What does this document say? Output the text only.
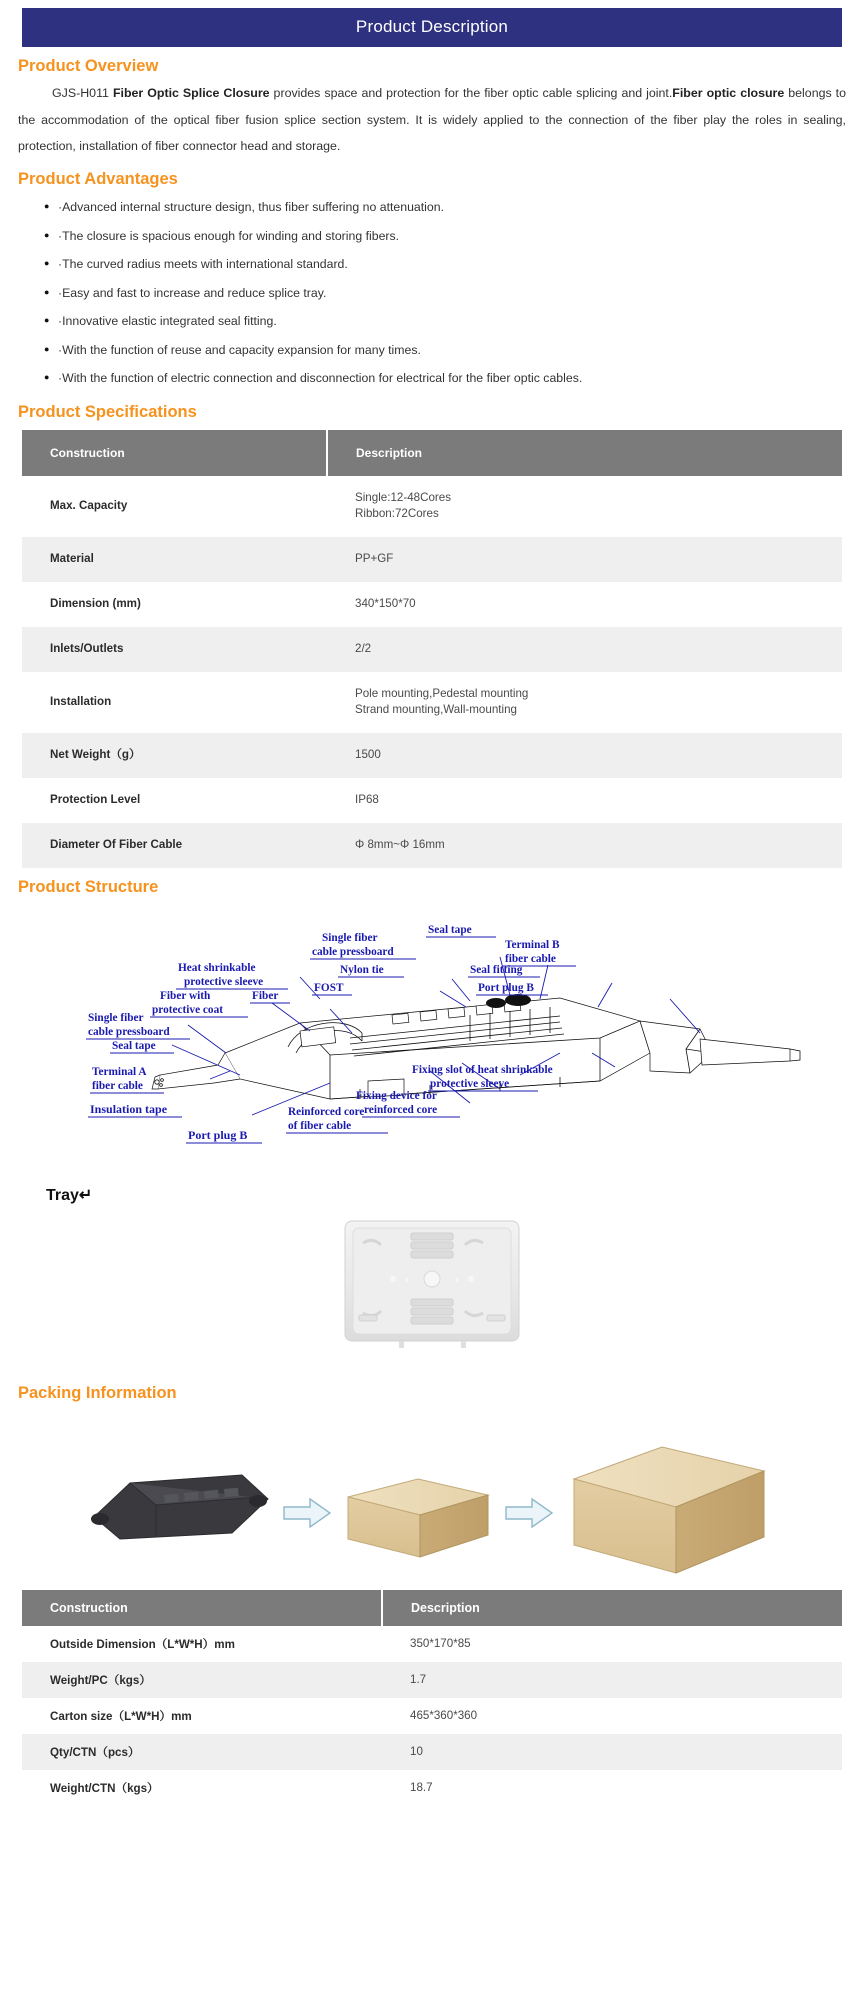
Product Description
Product Overview
GJS-H011 Fiber Optic Splice Closure provides space and protection for the fiber optic cable splicing and joint.Fiber optic closure belongs to the accommodation of the optical fiber fusion splice section system. It is widely applied to the connection of the fiber play the roles in sealing, protection, installation of fiber connector head and storage.
Product Advantages
● ·Advanced internal structure design, thus fiber suffering no attenuation.
● ·The closure is spacious enough for winding and storing fibers.
● ·The curved radius meets with international standard.
● ·Easy and fast to increase and reduce splice tray.
● ·Innovative elastic integrated seal fitting.
● ·With the function of reuse and capacity expansion for many times.
● ·With the function of electric connection and disconnection for electrical for the fiber optic cables.
Product Specifications
Construction	Description
Max. Capacity	Single:12-48Cores
Ribbon:72Cores
Material	PP+GF
Dimension (mm)	340*150*70
Inlets/Outlets	2/2
Installation	Pole mounting,Pedestal mounting
Strand mounting,Wall-mounting
Net Weight（g）	1500
Protection Level	IP68
Diameter Of Fiber Cable	Φ 8mm~Φ 16mm
Product Structure
Seal tape
Single fiber
cable pressboard
Terminal B
fiber cable
Nylon tie
Heat shrinkable
protective sleeve
Seal fitting
FOST	Port plug B
Fiber with
protective coat
Fiber
Single fiber
cable pressboard
Seal tape
Terminal A
fiber cable
Insulation tape
Port plug B
Fixing slot of heat shrinkable
protective sleeve
Fixing device for
reinforced core
Reinforced core
of fiber cable
Tray↵
Packing Information
Construction	Description
Outside Dimension（L*W*H）mm	350*170*85
Weight/PC（kgs）	1.7
Carton size（L*W*H）mm	465*360*360
Qty/CTN（pcs）	10
Weight/CTN（kgs）	18.7
